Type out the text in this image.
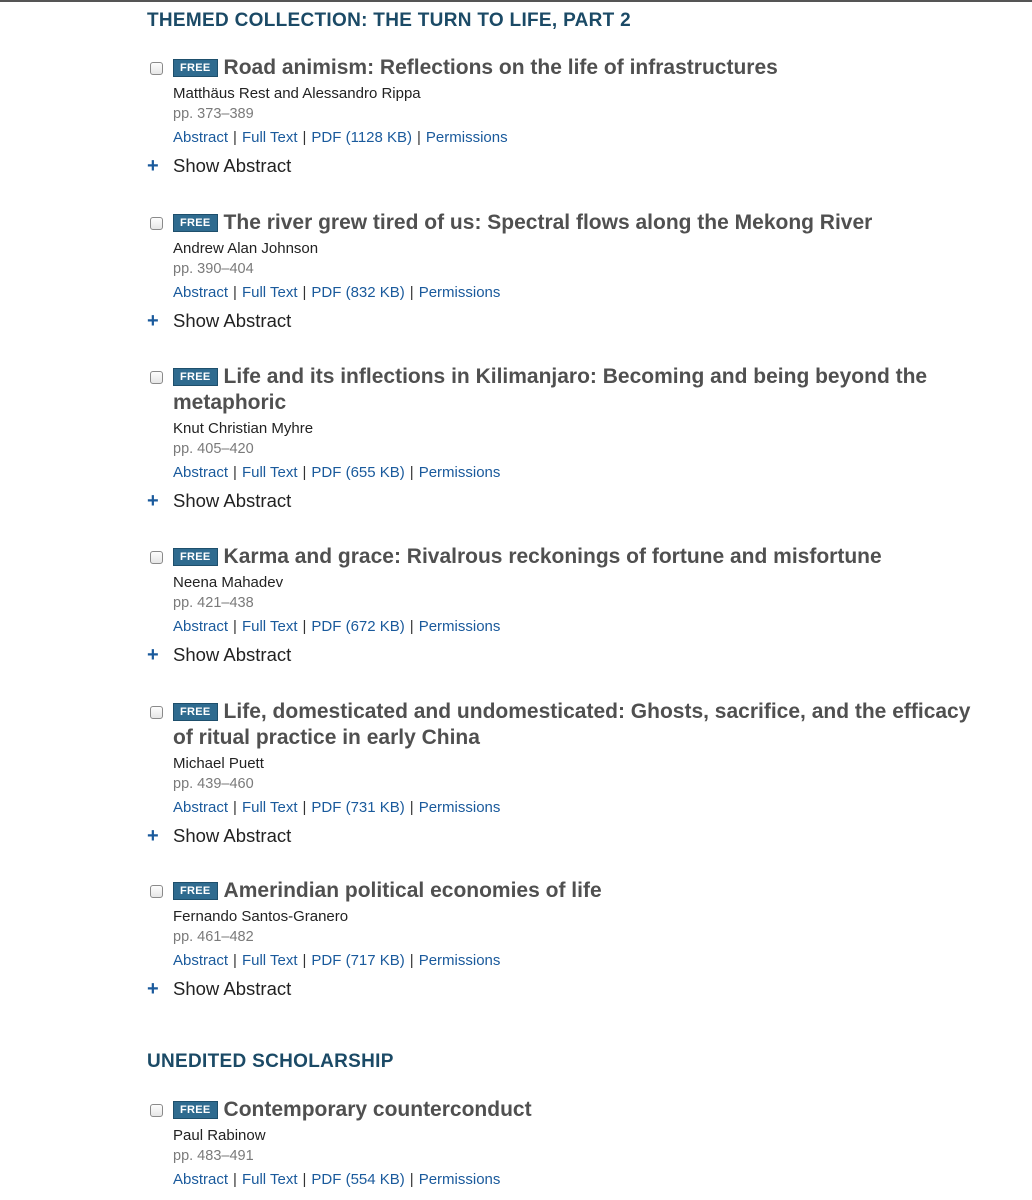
THEMED COLLECTION: THE TURN TO LIFE, PART 2
FREE Road animism: Reflections on the life of infrastructures
Matthäus Rest and Alessandro Rippa
pp. 373–389
Abstract | Full Text | PDF (1128 KB) | Permissions
+ Show Abstract
FREE The river grew tired of us: Spectral flows along the Mekong River
Andrew Alan Johnson
pp. 390–404
Abstract | Full Text | PDF (832 KB) | Permissions
+ Show Abstract
FREE Life and its inflections in Kilimanjaro: Becoming and being beyond the metaphoric
Knut Christian Myhre
pp. 405–420
Abstract | Full Text | PDF (655 KB) | Permissions
+ Show Abstract
FREE Karma and grace: Rivalrous reckonings of fortune and misfortune
Neena Mahadev
pp. 421–438
Abstract | Full Text | PDF (672 KB) | Permissions
+ Show Abstract
FREE Life, domesticated and undomesticated: Ghosts, sacrifice, and the efficacy of ritual practice in early China
Michael Puett
pp. 439–460
Abstract | Full Text | PDF (731 KB) | Permissions
+ Show Abstract
FREE Amerindian political economies of life
Fernando Santos-Granero
pp. 461–482
Abstract | Full Text | PDF (717 KB) | Permissions
+ Show Abstract
UNEDITED SCHOLARSHIP
FREE Contemporary counterconduct
Paul Rabinow
pp. 483–491
Abstract | Full Text | PDF (554 KB) | Permissions
